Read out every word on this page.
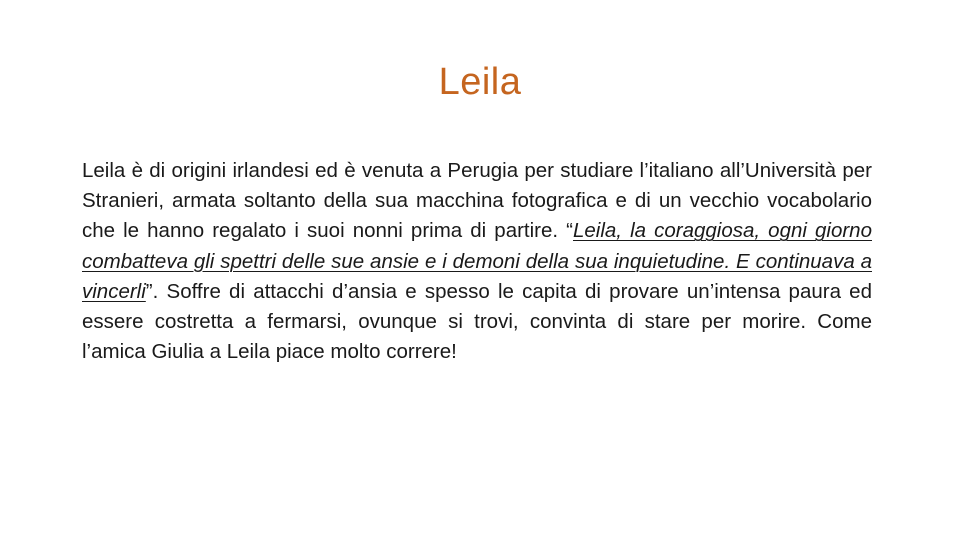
Leila
Leila è di origini irlandesi ed è venuta a Perugia per studiare l’italiano all’Università per Stranieri, armata soltanto della sua macchina fotografica e di un vecchio vocabolario che le hanno regalato i suoi nonni prima di partire. “Leila, la coraggiosa, ogni giorno combatteva gli spettri delle sue ansie e i demoni della sua inquietudine. E continuava a vincerli”. Soffre di attacchi d’ansia e spesso le capita di provare un’intensa paura ed essere costretta a fermarsi, ovunque si trovi, convinta di stare per morire. Come l’amica Giulia a Leila piace molto correre!
